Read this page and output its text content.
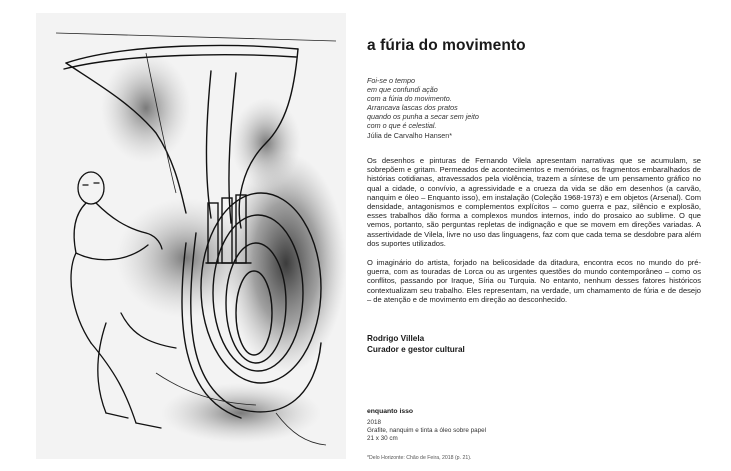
a fúria do movimento
Foi-se o tempo
em que confundi ação
com a fúria do movimento.
Arrancava lascas dos pratos
quando os punha a secar sem jeito
com o que é celestial.
Júlia de Carvalho Hansen*

Os desenhos e pinturas de Fernando Vilela apresentam narrativas que se acumulam, se sobrepõem e gritam. Permeados de acontecimentos e memórias, os fragmentos embaralhados de histórias cotidianas, atravessados pela violência, trazem a síntese de um pensamento gráfico no qual a cidade, o convívio, a agressividade e a crueza da vida se dão em desenhos (a carvão, nanquim e óleo – Enquanto isso), em instalação (Coleção 1968-1973) e em objetos (Arsenal). Com densidade, antagonismos e complementos explícitos – como guerra e paz, silêncio e explosão, esses trabalhos dão forma a complexos mundos internos, indo do prosaico ao sublime. O que vemos, portanto, são perguntas repletas de indignação e que se movem em direções variadas. A assertividade de Vilela, livre no uso das linguagens, faz com que cada tema se desdobre para além dos suportes utilizados.

O imaginário do artista, forjado na belicosidade da ditadura, encontra ecos no mundo do pré-guerra, com as touradas de Lorca ou as urgentes questões do mundo contemporâneo – como os conflitos, passando por Iraque, Síria ou Turquia. No entanto, nenhum desses fatores históricos contextualizam seu trabalho. Eles representam, na verdade, um chamamento de fúria e de desejo – de atenção e de movimento em direção ao desconhecido.

Rodrigo Villela
Curador e gestor cultural
enquanto isso
2018
Grafite, nanquim e tinta a óleo sobre papel
21 x 30 cm
*Delo Horizonte: Chão de Feira, 2018 (p. 21).
